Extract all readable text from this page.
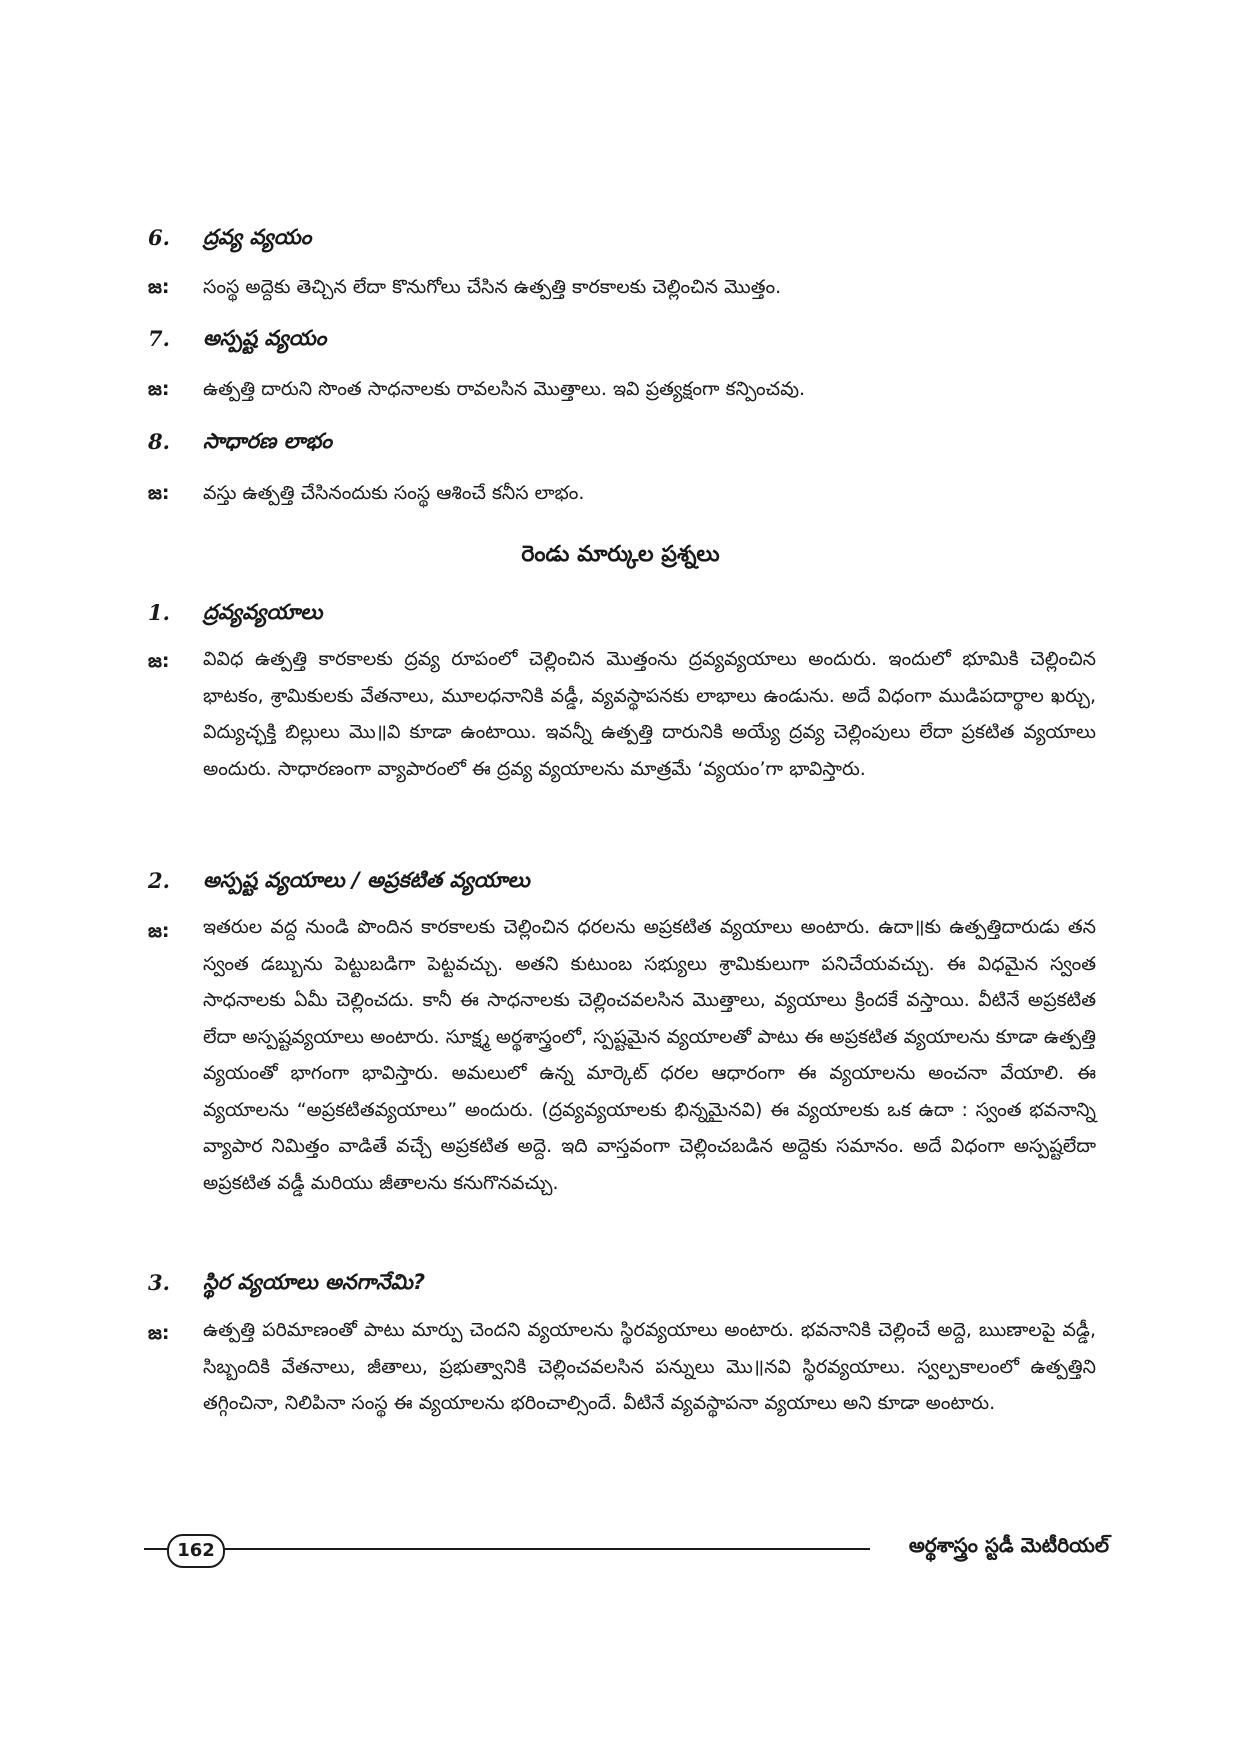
6.	ద్రవ్య వ్యయం
జ:	సంస్థ అద్దెకు తెచ్చిన లేదా కొనుగోలు చేసిన ఉత్పత్తి కారకాలకు చెల్లించిన మొత్తం.
7.	అస్పష్ట వ్యయం
జ:	ఉత్పత్తి దారుని సొంత సాధనాలకు రావలసిన మొత్తాలు. ఇవి ప్రత్యక్షంగా కన్పించవు.
8.	సాధారణ లాభం
జ:	వస్తు ఉత్పత్తి చేసినందుకు సంస్థ ఆశించే కనీస లాభం.
రెండు మార్కుల ప్రశ్నలు
1.	ద్రవ్యవ్యయాలు
జ:	వివిధ ఉత్పత్తి కారకాలకు ద్రవ్య రూపంలో చెల్లించిన మొత్తంను ద్రవ్యవ్యయాలు అందురు. ఇందులో భూమికి చెల్లించిన భాటకం, శ్రామికులకు వేతనాలు, మూలధనానికి వడ్డీ, వ్యవస్థాపనకు లాభాలు ఉండును. అదే విధంగా ముడిపదార్థాల ఖర్చు, విద్యుచ్ఛక్తి బిల్లులు మొ॥వి కూడా ఉంటాయి. ఇవన్నీ ఉత్పత్తి దారునికి అయ్యే ద్రవ్య చెల్లింపులు లేదా ప్రకటిత వ్యయాలు అందురు. సాధారణంగా వ్యాపారంలో ఈ ద్రవ్య వ్యయాలను మాత్రమే ‘వ్యయం’గా భావిస్తారు.
2.	అస్పష్ట వ్యయాలు / అప్రకటిత వ్యయాలు
జ:	ఇతరుల వద్ద నుండి పొందిన కారకాలకు చెల్లించిన ధరలను అప్రకటిత వ్యయాలు అంటారు. ఉదా॥కు ఉత్పత్తిదారుడు తన స్వంత డబ్బును పెట్టుబడిగా పెట్టవచ్చు. అతని కుటుంబ సభ్యులు శ్రామికులుగా పనిచేయవచ్చు. ఈ విధమైన స్వంత సాధనాలకు ఏమీ చెల్లించదు. కానీ ఈ సాధనాలకు చెల్లించవలసిన మొత్తాలు, వ్యయాలు క్రిందకే వస్తాయి. వీటినే అప్రకటిత లేదా అస్పష్టవ్యయాలు అంటారు. సూక్ష్మ అర్థశాస్త్రంలో, స్పష్టమైన వ్యయాలతో పాటు ఈ అప్రకటిత వ్యయాలను కూడా ఉత్పత్తి వ్యయంతో భాగంగా భావిస్తారు. అమలులో ఉన్న మార్కెట్ ధరల ఆధారంగా ఈ వ్యయాలను అంచనా వేయాలి. ఈ వ్యయాలను “అప్రకటితవ్యయాలు” అందురు. (ద్రవ్యవ్యయాలకు భిన్నమైనవి) ఈ వ్యయాలకు ఒక ఉదా : స్వంత భవనాన్ని వ్యాపార నిమిత్తం వాడితే వచ్చే అప్రకటిత అద్దె. ఇది వాస్తవంగా చెల్లించబడిన అద్దెకు సమానం. అదే విధంగా అస్పష్టలేదా అప్రకటిత వడ్డీ మరియు జీతాలను కనుగొనవచ్చు.
3.	స్థిర వ్యయాలు అనగానేమి?
జ:	ఉత్పత్తి పరిమాణంతో పాటు మార్పు చెందని వ్యయాలను స్థిరవ్యయాలు అంటారు. భవనానికి చెల్లించే అద్దె, ఋణాలపై వడ్డీ, సిబ్బందికి వేతనాలు, జీతాలు, ప్రభుత్వానికి చెల్లించవలసిన పన్నులు మొ॥నవి స్థిరవ్యయాలు. స్వల్పకాలంలో ఉత్పత్తిని తగ్గించినా, నిలిపినా సంస్థ ఈ వ్యయాలను భరించాల్సిందే. వీటినే వ్యవస్థాపనా వ్యయాలు అని కూడా అంటారు.
162	అర్థశాస్త్రం స్టడీ మెటీరియల్
